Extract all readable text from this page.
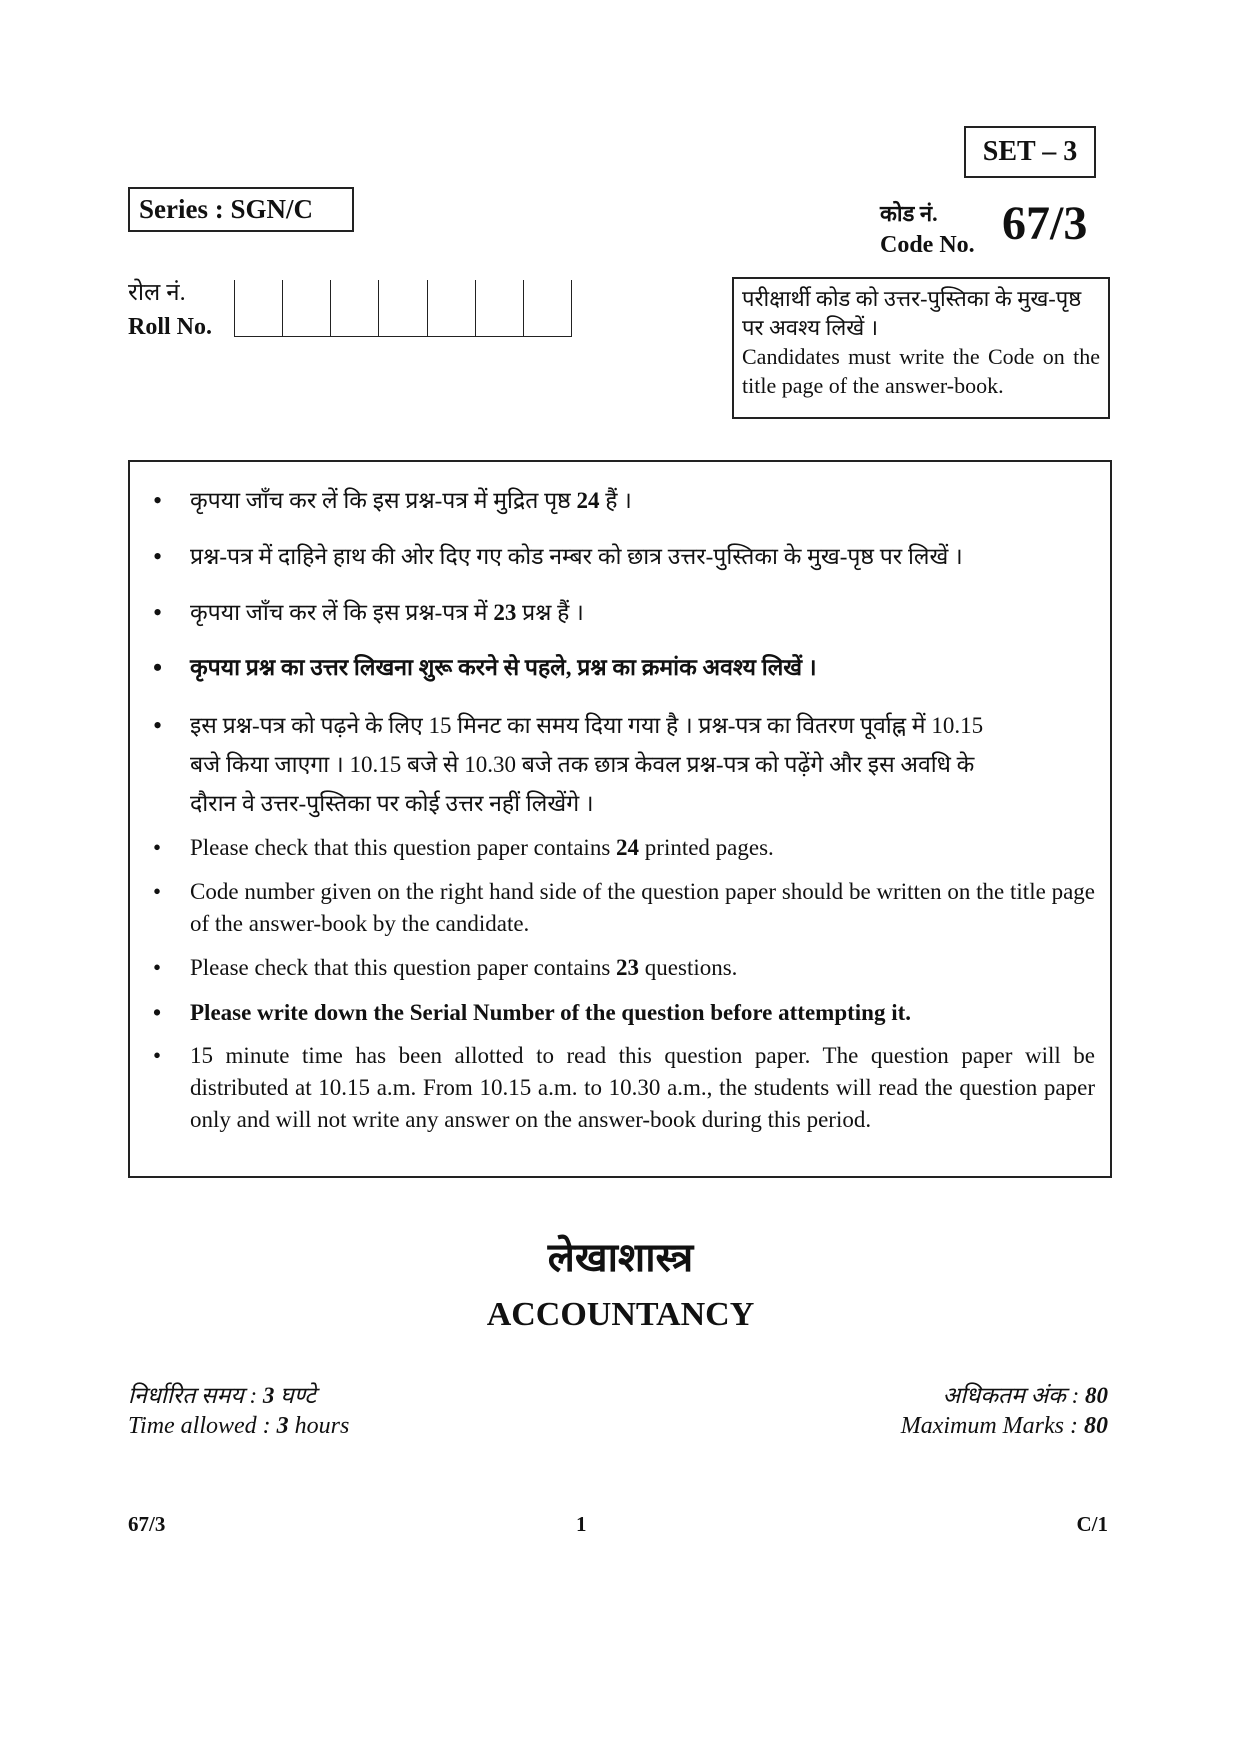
SET – 3
Series : SGN/C	कोड नं.
Code No. 67/3
रोल नं.
Roll No.
परीक्षार्थी कोड को उत्तर-पुस्तिका के मुख-पृष्ठ
पर अवश्य लिखें ।
Candidates must write the Code on the title page of the answer-book.
• कृपया जाँच कर लें कि इस प्रश्न-पत्र में मुद्रित पृष्ठ 24 हैं ।
• प्रश्न-पत्र में दाहिने हाथ की ओर दिए गए कोड नम्बर को छात्र उत्तर-पुस्तिका के मुख-पृष्ठ पर लिखें ।
• कृपया जाँच कर लें कि इस प्रश्न-पत्र में 23 प्रश्न हैं ।
• कृपया प्रश्न का उत्तर लिखना शुरू करने से पहले, प्रश्न का क्रमांक अवश्य लिखें ।
• इस प्रश्न-पत्र को पढ़ने के लिए 15 मिनट का समय दिया गया है । प्रश्न-पत्र का वितरण पूर्वाह्न में 10.15
बजे किया जाएगा । 10.15 बजे से 10.30 बजे तक छात्र केवल प्रश्न-पत्र को पढ़ेंगे और इस अवधि के
दौरान वे उत्तर-पुस्तिका पर कोई उत्तर नहीं लिखेंगे ।
• Please check that this question paper contains 24 printed pages.
• Code number given on the right hand side of the question paper should be written on the title page of the answer-book by the candidate.
• Please check that this question paper contains 23 questions.
• Please write down the Serial Number of the question before attempting it.
• 15 minute time has been allotted to read this question paper. The question paper will be distributed at 10.15 a.m. From 10.15 a.m. to 10.30 a.m., the students will read the question paper only and will not write any answer on the answer-book during this period.
लेखाशास्त्र
ACCOUNTANCY
निर्धारित समय : 3 घण्टे
Time allowed : 3 hours
अधिकतम अंक : 80
Maximum Marks : 80
67/3	1	C/1
